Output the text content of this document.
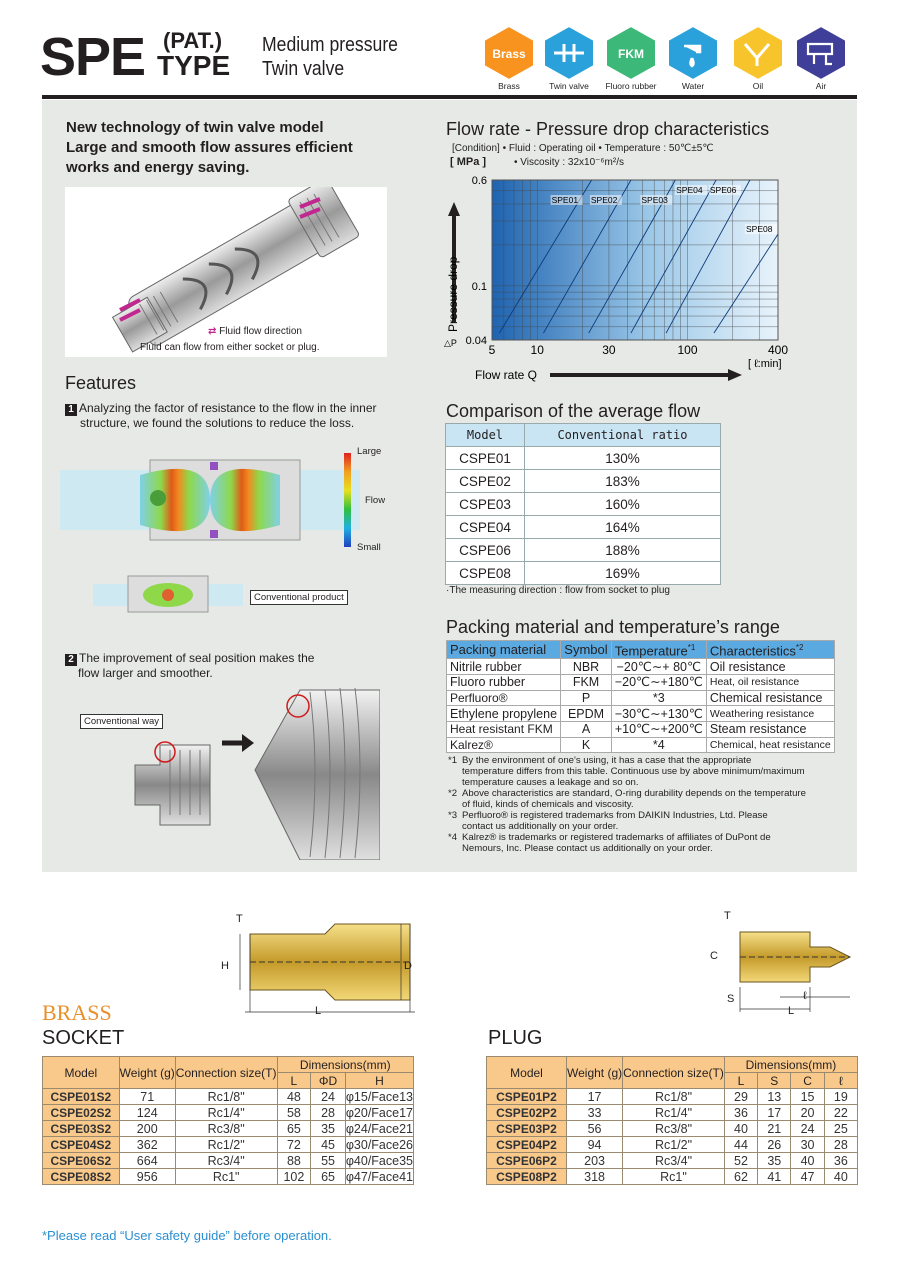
SPE (PAT.)
TYPE
Medium pressure
Twin valve
Brass
Brass	Twin valve
FKM
Fluoro rubber	Water	Oil	Air
New technology of twin valve model
Large and smooth flow assures efficient
works and energy saving.
⇄ Fluid flow direction
Fluid can flow from either socket or plug.
Features
1 Analyzing the factor of resistance to the flow in the inner
structure, we found the solutions to reduce the loss.
Large
Flow
Small
Conventional product
2 The improvement of seal position makes the
flow larger and smoother.
Conventional way
Flow rate - Pressure drop characteristics
[Condition] • Fluid : Operating oil • Temperature : 50℃±5℃
[ MPa ]	• Viscosity : 32x10⁻⁶m²/s
SPE01 SPE02	SPE03
SPE04 SPE06
SPE08
5	10	30	100	400
0.04
0.1
0.6
Pressure drop
△P
[ ℓ:min]
Flow rate Q
Comparison of the average flow
Model	Conventional ratio
CSPE01	130%
CSPE02	183%
CSPE03	160%
CSPE04	164%
CSPE06	188%
CSPE08	169%
·The measuring direction : flow from socket to plug
Packing material and temperature’s range
Packing material	Symbol	Temperature$^{*1}$	Characteristics$^{*2}$
Nitrile rubber	NBR	−20℃∼+ 80℃	Oil resistance
Fluoro rubber	FKM	−20℃∼+180℃	Heat, oil resistance
Perfluoro®	P	*3	Chemical resistance
Ethylene propylene	EPDM	−30℃∼+130℃	Weathering resistance
Heat resistant FKM	A	+10℃∼+200℃	Steam resistance
Kalrez®	K	*4	Chemical, heat resistance
*1 By the environment of one's using, it has a case that the appropriate
temperature differs from this table. Continuous use by above minimum/maximum
temperature causes a leakage and so on.
*2 Above characteristics are standard, O-ring durability depends on the temperature
of fluid, kinds of chemicals and viscosity.
*3 Perfluoro® is registered trademarks from DAIKIN Industries, Ltd. Please
contact us additionally on your order.
*4 Kalrez® is trademarks or registered trademarks of affiliates of DuPont de
Nemours, Inc. Please contact us additionally on your order.
T
H	D
L
T
C
S	ℓ
L
BRASS
SOCKET	PLUG
Model	Weight (g)	Connection size(T)	Dimensions(mm)		
			L	ΦD	H
CSPE01S2	71	Rc1/8"	48	24	φ15/Face13
CSPE02S2	124	Rc1/4"	58	28	φ20/Face17
CSPE03S2	200	Rc3/8"	65	35	φ24/Face21
CSPE04S2	362	Rc1/2"	72	45	φ30/Face26
CSPE06S2	664	Rc3/4"	88	55	φ40/Face35
CSPE08S2	956	Rc1"	102	65	φ47/Face41
Model	Weight (g)	Connection size(T)	Dimensions(mm)			
			L	S	C	ℓ
CSPE01P2	17	Rc1/8"	29	13	15	19
CSPE02P2	33	Rc1/4"	36	17	20	22
CSPE03P2	56	Rc3/8"	40	21	24	25
CSPE04P2	94	Rc1/2"	44	26	30	28
CSPE06P2	203	Rc3/4"	52	35	40	36
CSPE08P2	318	Rc1"	62	41	47	40
*Please read “User safety guide” before operation.
